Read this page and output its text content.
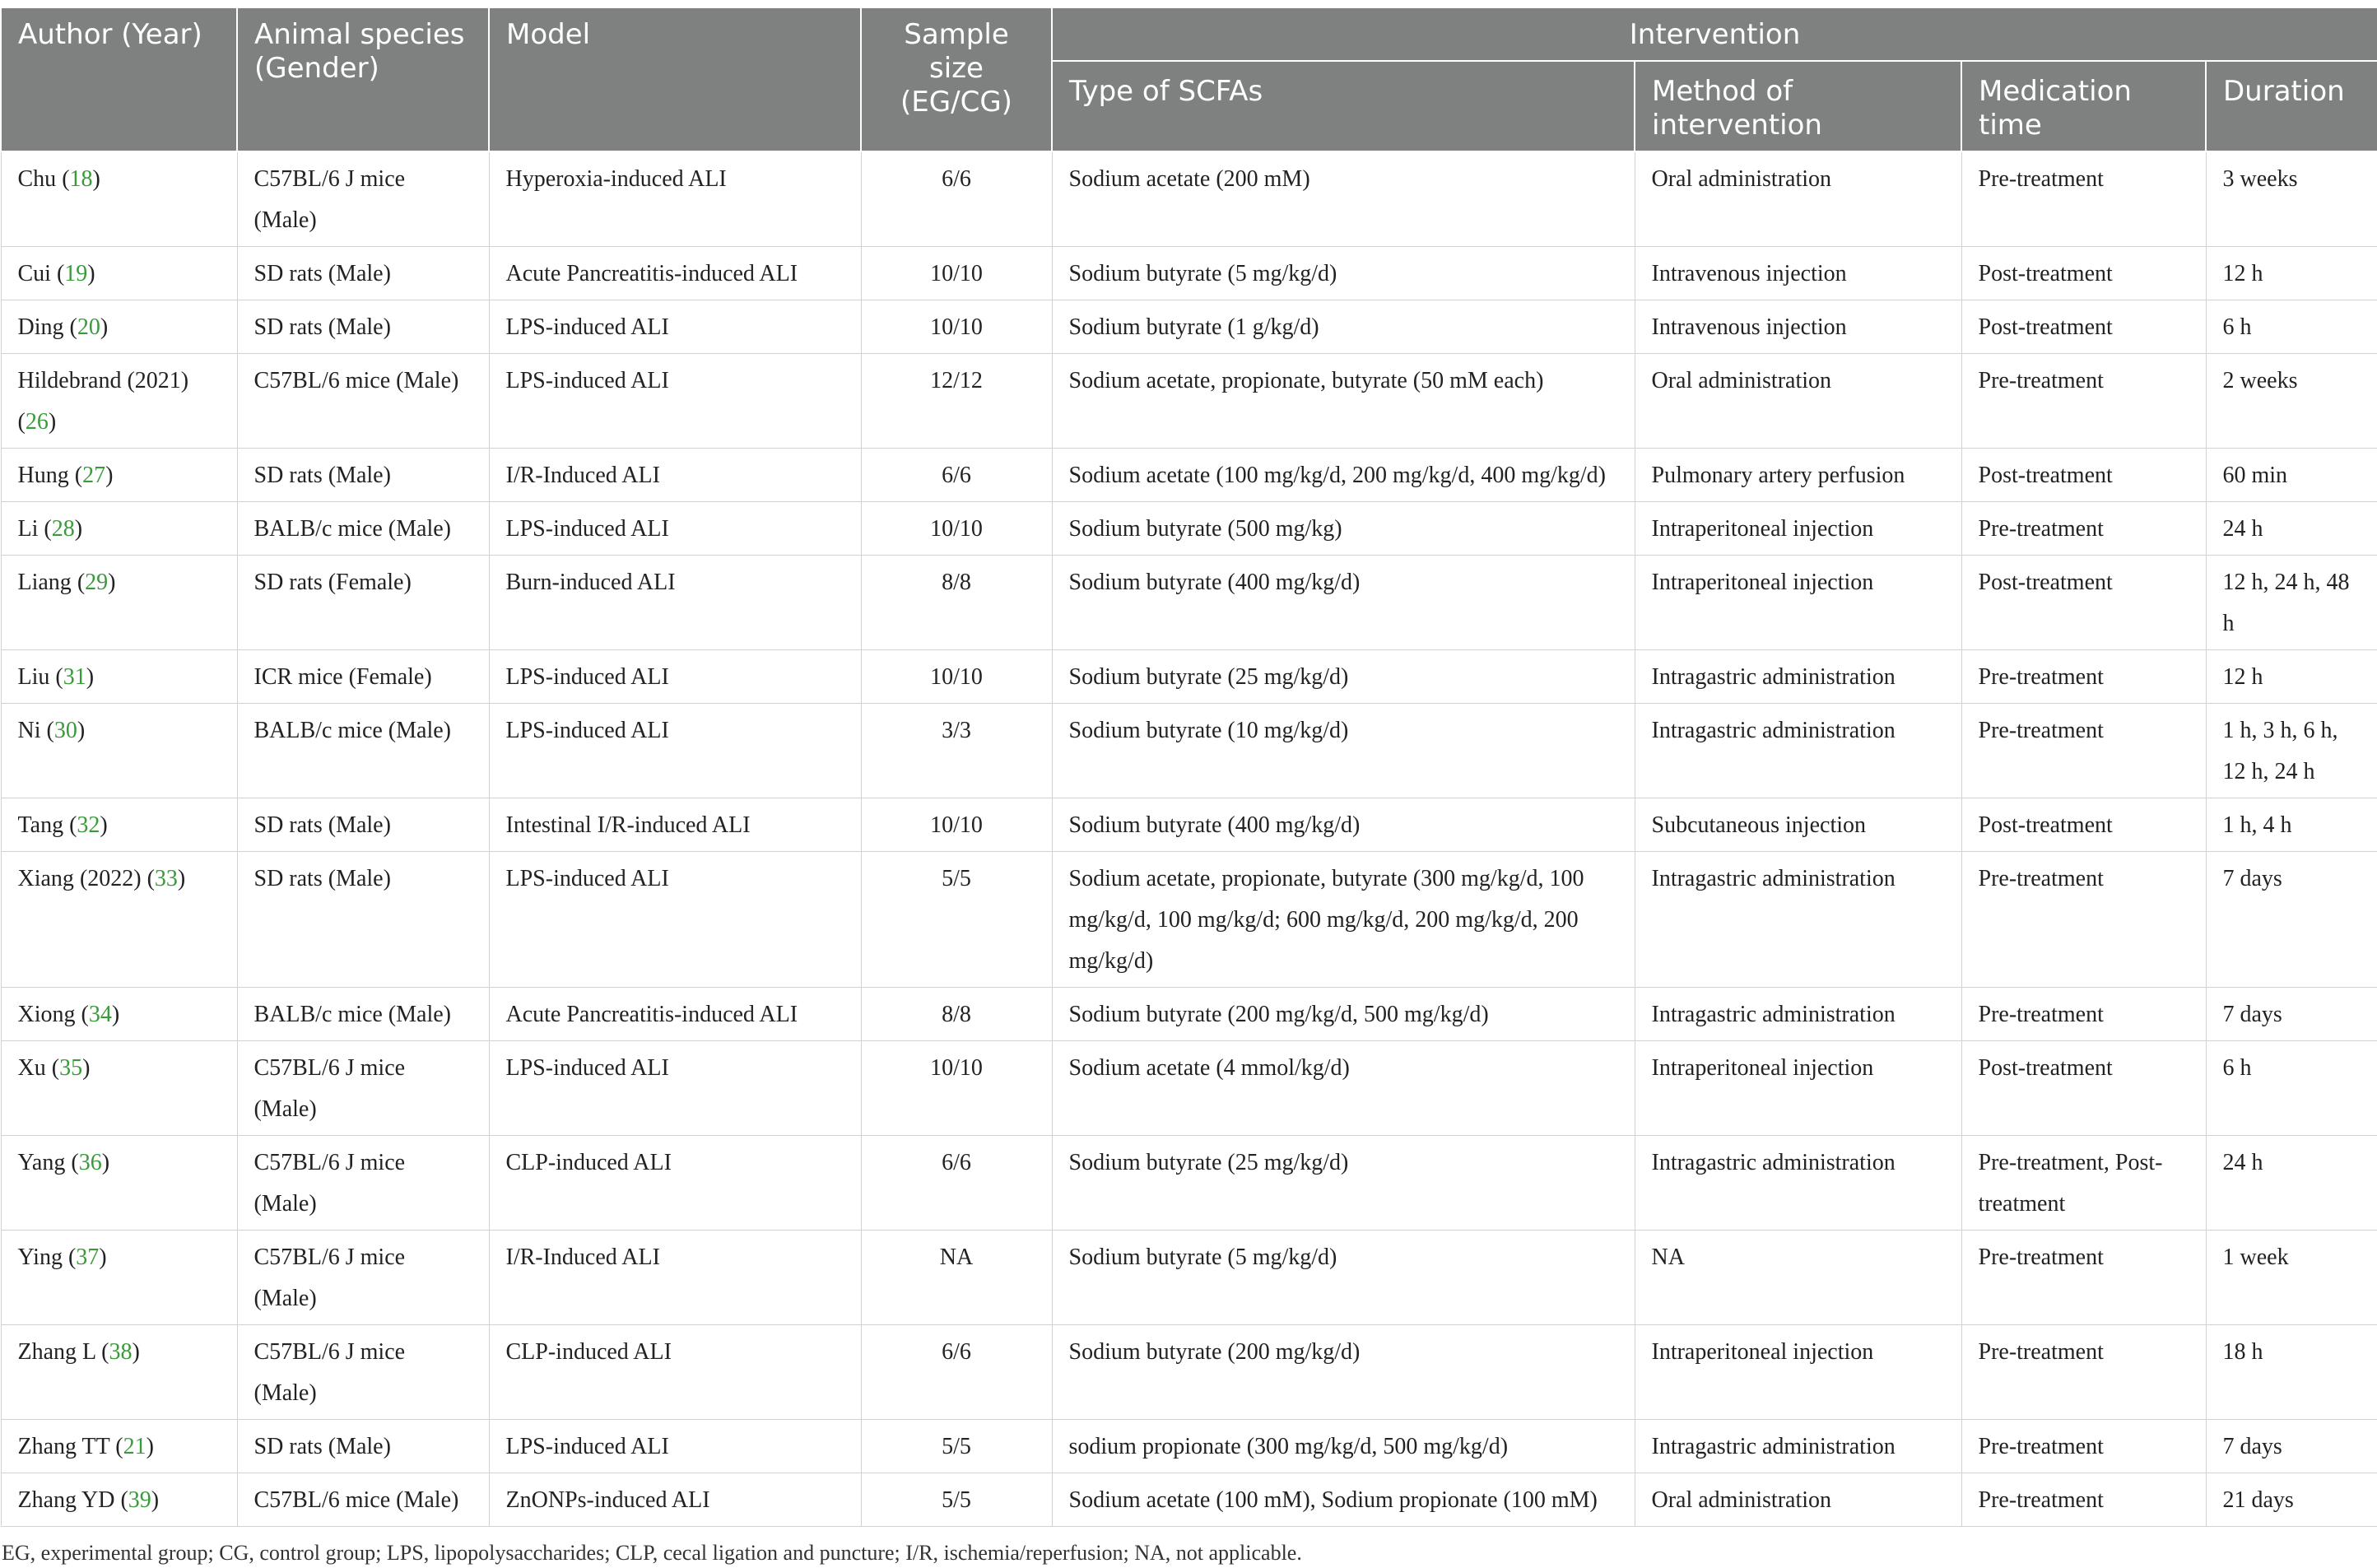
Author (Year)	Animal species (Gender)	Model	Sample size (EG/CG)	Intervention			
				Type of SCFAs	Method of intervention	Medication time	Duration
Chu (18)	C57BL/6 J mice (Male)	Hyperoxia-induced ALI	6/6	Sodium acetate (200 mM)	Oral administration	Pre-treatment	3 weeks
Cui (19)	SD rats (Male)	Acute Pancreatitis-induced ALI	10/10	Sodium butyrate (5 mg/kg/d)	Intravenous injection	Post-treatment	12 h
Ding (20)	SD rats (Male)	LPS-induced ALI	10/10	Sodium butyrate (1 g/kg/d)	Intravenous injection	Post-treatment	6 h
Hildebrand (2021) (26)	C57BL/6 mice (Male)	LPS-induced ALI	12/12	Sodium acetate, propionate, butyrate (50 mM each)	Oral administration	Pre-treatment	2 weeks
Hung (27)	SD rats (Male)	I/R-Induced ALI	6/6	Sodium acetate (100 mg/kg/d, 200 mg/kg/d, 400 mg/kg/d)	Pulmonary artery perfusion	Post-treatment	60 min
Li (28)	BALB/c mice (Male)	LPS-induced ALI	10/10	Sodium butyrate (500 mg/kg)	Intraperitoneal injection	Pre-treatment	24 h
Liang (29)	SD rats (Female)	Burn-induced ALI	8/8	Sodium butyrate (400 mg/kg/d)	Intraperitoneal injection	Post-treatment	12 h, 24 h, 48 h
Liu (31)	ICR mice (Female)	LPS-induced ALI	10/10	Sodium butyrate (25 mg/kg/d)	Intragastric administration	Pre-treatment	12 h
Ni (30)	BALB/c mice (Male)	LPS-induced ALI	3/3	Sodium butyrate (10 mg/kg/d)	Intragastric administration	Pre-treatment	1 h, 3 h, 6 h, 12 h, 24 h
Tang (32)	SD rats (Male)	Intestinal I/R-induced ALI	10/10	Sodium butyrate (400 mg/kg/d)	Subcutaneous injection	Post-treatment	1 h, 4 h
Xiang (2022) (33)	SD rats (Male)	LPS-induced ALI	5/5	Sodium acetate, propionate, butyrate (300 mg/kg/d, 100 mg/kg/d, 100 mg/kg/d; 600 mg/kg/d, 200 mg/kg/d, 200 mg/kg/d)	Intragastric administration	Pre-treatment	7 days
Xiong (34)	BALB/c mice (Male)	Acute Pancreatitis-induced ALI	8/8	Sodium butyrate (200 mg/kg/d, 500 mg/kg/d)	Intragastric administration	Pre-treatment	7 days
Xu (35)	C57BL/6 J mice (Male)	LPS-induced ALI	10/10	Sodium acetate (4 mmol/kg/d)	Intraperitoneal injection	Post-treatment	6 h
Yang (36)	C57BL/6 J mice (Male)	CLP-induced ALI	6/6	Sodium butyrate (25 mg/kg/d)	Intragastric administration	Pre-treatment, Post-treatment	24 h
Ying (37)	C57BL/6 J mice (Male)	I/R-Induced ALI	NA	Sodium butyrate (5 mg/kg/d)	NA	Pre-treatment	1 week
Zhang L (38)	C57BL/6 J mice (Male)	CLP-induced ALI	6/6	Sodium butyrate (200 mg/kg/d)	Intraperitoneal injection	Pre-treatment	18 h
Zhang TT (21)	SD rats (Male)	LPS-induced ALI	5/5	sodium propionate (300 mg/kg/d, 500 mg/kg/d)	Intragastric administration	Pre-treatment	7 days
Zhang YD (39)	C57BL/6 mice (Male)	ZnONPs-induced ALI	5/5	Sodium acetate (100 mM), Sodium propionate (100 mM)	Oral administration	Pre-treatment	21 days
EG, experimental group; CG, control group; LPS, lipopolysaccharides; CLP, cecal ligation and puncture; I/R, ischemia/reperfusion; NA, not applicable.
